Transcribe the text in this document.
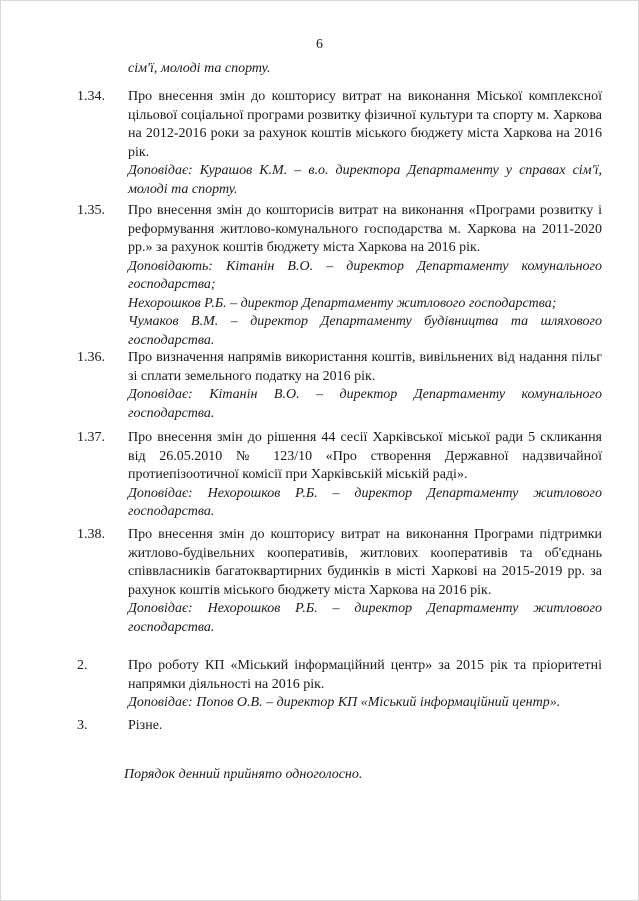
6
сім'ї, молоді та спорту.
1.34. Про внесення змін до кошторису витрат на виконання Міської комплексної цільової соціальної програми розвитку фізичної культури та спорту м. Харкова на 2012-2016 роки за рахунок коштів міського бюджету міста Харкова на 2016 рік.
Доповідає: Курашов К.М. – в.о. директора Департаменту у справах сім'ї, молоді та спорту.
1.35. Про внесення змін до кошторисів витрат на виконання «Програми розвитку і реформування житлово-комунального господарства м. Харкова на 2011-2020 рр.» за рахунок коштів бюджету міста Харкова на 2016 рік.
Доповідають: Кітанін В.О. – директор Департаменту комунального господарства;
Нехорошков Р.Б. – директор Департаменту житлового господарства;
Чумаков В.М. – директор Департаменту будівництва та шляхового господарства.
1.36. Про визначення напрямів використання коштів, вивільнених від надання пільг зі сплати земельного податку на 2016 рік.
Доповідає: Кітанін В.О. – директор Департаменту комунального господарства.
1.37. Про внесення змін до рішення 44 сесії Харківської міської ради 5 скликання від 26.05.2010 № 123/10 «Про створення Державної надзвичайної протиепізоотичної комісії при Харківській міській раді».
Доповідає: Нехорошков Р.Б. – директор Департаменту житлового господарства.
1.38. Про внесення змін до кошторису витрат на виконання Програми підтримки житлово-будівельних кооперативів, житлових кооперативів та об'єднань співвласників багатоквартирних будинків в місті Харкові на 2015-2019 рр. за рахунок коштів міського бюджету міста Харкова на 2016 рік.
Доповідає: Нехорошков Р.Б. – директор Департаменту житлового господарства.
2.	Про роботу КП «Міський інформаційний центр» за 2015 рік та пріоритетні напрямки діяльності на 2016 рік.
Доповідає: Попов О.В. – директор КП «Міський інформаційний центр».
3.	Різне.
Порядок денний прийнято одноголосно.
